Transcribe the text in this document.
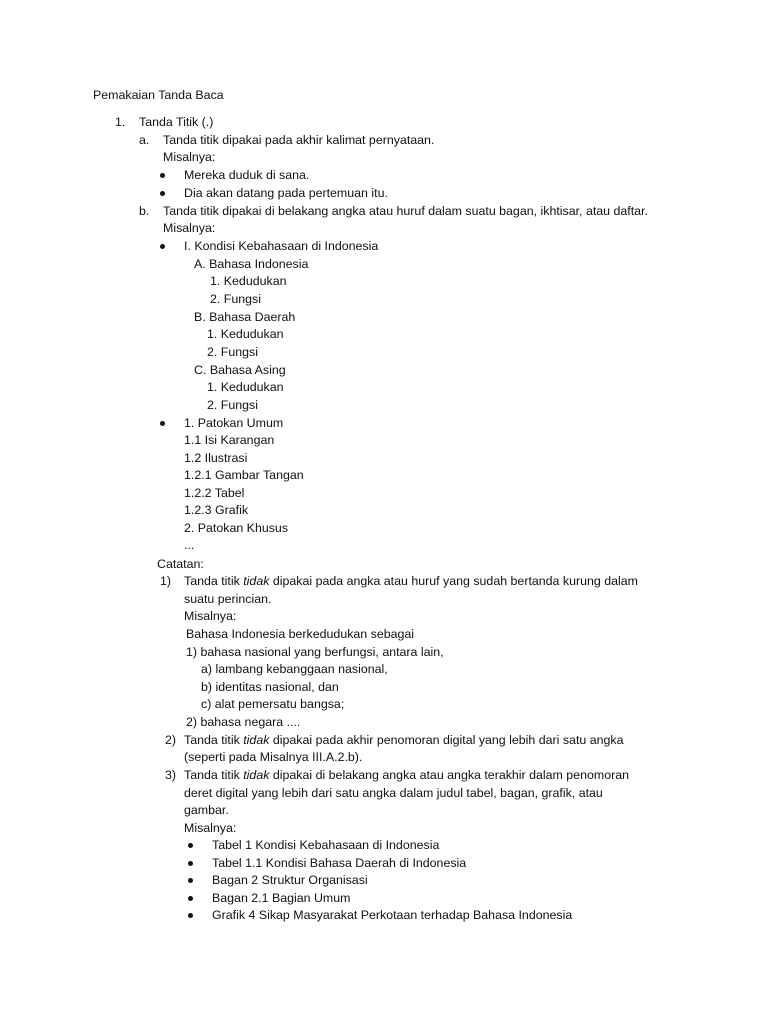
Pemakaian Tanda Baca
1. Tanda Titik (.)
a. Tanda titik dipakai pada akhir kalimat pernyataan.
Misalnya:
Mereka duduk di sana.
Dia akan datang pada pertemuan itu.
b. Tanda titik dipakai di belakang angka atau huruf dalam suatu bagan, ikhtisar, atau daftar.
Misalnya:
I. Kondisi Kebahasaan di Indonesia
A. Bahasa Indonesia
1. Kedudukan
2. Fungsi
B. Bahasa Daerah
1. Kedudukan
2. Fungsi
C. Bahasa Asing
1. Kedudukan
2. Fungsi
1. Patokan Umum
1.1 Isi Karangan
1.2 Ilustrasi
1.2.1 Gambar Tangan
1.2.2 Tabel
1.2.3 Grafik
2. Patokan Khusus
...
Catatan:
1) Tanda titik tidak dipakai pada angka atau huruf yang sudah bertanda kurung dalam
suatu perincian.
Misalnya:
Bahasa Indonesia berkedudukan sebagai
1) bahasa nasional yang berfungsi, antara lain,
a) lambang kebanggaan nasional,
b) identitas nasional, dan
c) alat pemersatu bangsa;
2) bahasa negara ....
2) Tanda titik tidak dipakai pada akhir penomoran digital yang lebih dari satu angka
(seperti pada Misalnya III.A.2.b).
3) Tanda titik tidak dipakai di belakang angka atau angka terakhir dalam penomoran
deret digital yang lebih dari satu angka dalam judul tabel, bagan, grafik, atau
gambar.
Misalnya:
Tabel 1 Kondisi Kebahasaan di Indonesia
Tabel 1.1 Kondisi Bahasa Daerah di Indonesia
Bagan 2 Struktur Organisasi
Bagan 2.1 Bagian Umum
Grafik 4 Sikap Masyarakat Perkotaan terhadap Bahasa Indonesia
